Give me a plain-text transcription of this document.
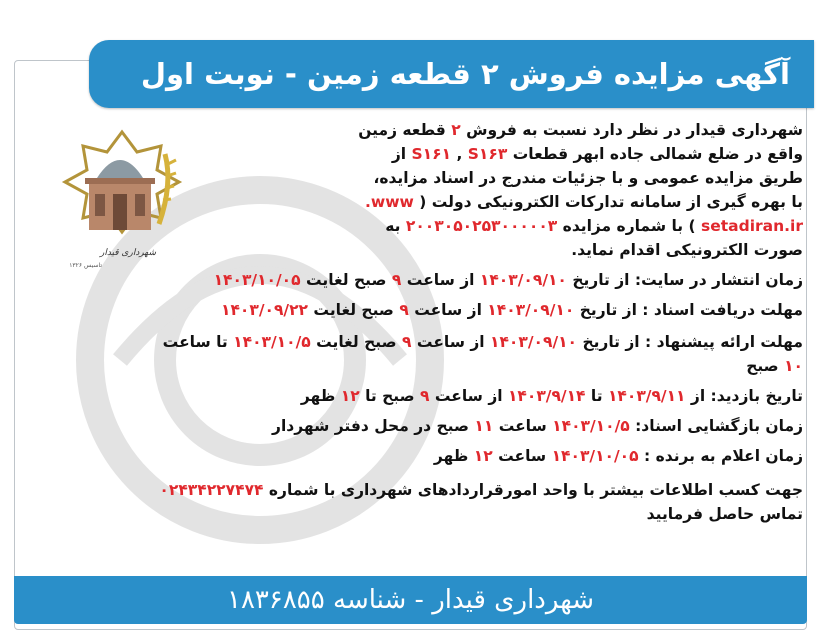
آگهی مزایده فروش ۲ قطعه زمین - نوبت اول
شهرداری قیدار
تاسیس ۱۳۲۶
شهرداری قیدار در نظر دارد نسبت به فروش ۲ قطعه زمین
واقع در ضلع شمالی جاده ابهر قطعات S۱۶۱ , S۱۶۳ از
طریق مزایده عمومی و با جزئیات مندرج در اسناد مزایده،
با بهره گیری از سامانه تدارکات الکترونیکی دولت ( www.
setadiran.ir ) با شماره مزایده ۲۰۰۳۰۵۰۲۵۳۰۰۰۰۰۳ به
صورت الکترونیکی اقدام نماید.
زمان انتشار در سایت: از تاریخ ۱۴۰۳/۰۹/۱۰ از ساعت ۹ صبح لغایت ۱۴۰۳/۱۰/۰۵
مهلت دریافت اسناد : از تاریخ ۱۴۰۳/۰۹/۱۰ از ساعت ۹ صبح لغایت ۱۴۰۳/۰۹/۲۲
مهلت ارائه پیشنهاد : از تاریخ ۱۴۰۳/۰۹/۱۰ از ساعت ۹ صبح لغایت ۱۴۰۳/۱۰/۵ تا ساعت
۱۰ صبح
تاریخ بازدید: از ۱۴۰۳/۹/۱۱ تا ۱۴۰۳/۹/۱۴ از ساعت ۹ صبح تا ۱۲ ظهر
زمان بازگشایی اسناد: ۱۴۰۳/۱۰/۵ ساعت ۱۱ صبح در محل دفتر شهردار
زمان اعلام به برنده : ۱۴۰۳/۱۰/۰۵ ساعت ۱۲ ظهر
جهت کسب اطلاعات بیشتر با واحد امورقراردادهای شهرداری با شماره ۰۲۴۳۴۲۲۷۴۷۴
تماس حاصل فرمایید
شهرداری قیدار - شناسه ۱۸۳۶۸۵۵
